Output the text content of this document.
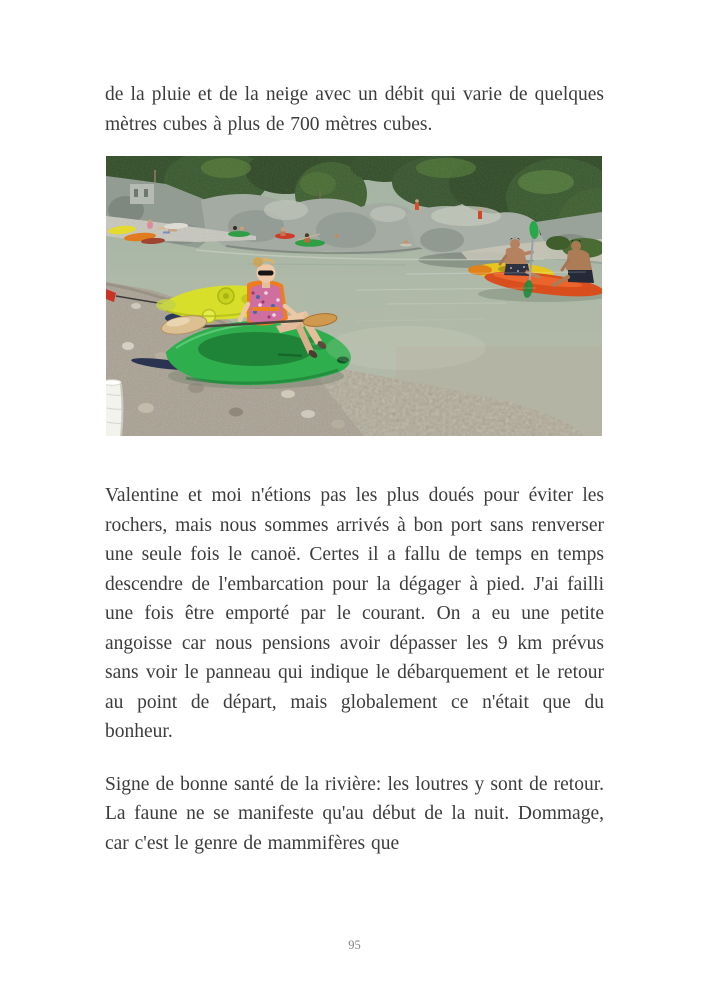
de la pluie et de la neige avec un débit qui varie de quelques mètres cubes à plus de 700 mètres cubes.

Valentine et moi n'étions pas les plus doués pour éviter les rochers, mais nous sommes arrivés à bon port sans renverser une seule fois le canoë. Certes il a fallu de temps en temps descendre de l'embarcation pour la dégager à pied. J'ai failli une fois être emporté par le courant. On a eu une petite angoisse car nous pensions avoir dépasser les 9 km prévus sans voir le panneau qui indique le débarquement et le retour au point de départ, mais globalement ce n'était que du bonheur.

Signe de bonne santé de la rivière: les loutres y sont de retour. La faune ne se manifeste qu'au début de la nuit. Dommage, car c'est le genre de mammifères que

95
